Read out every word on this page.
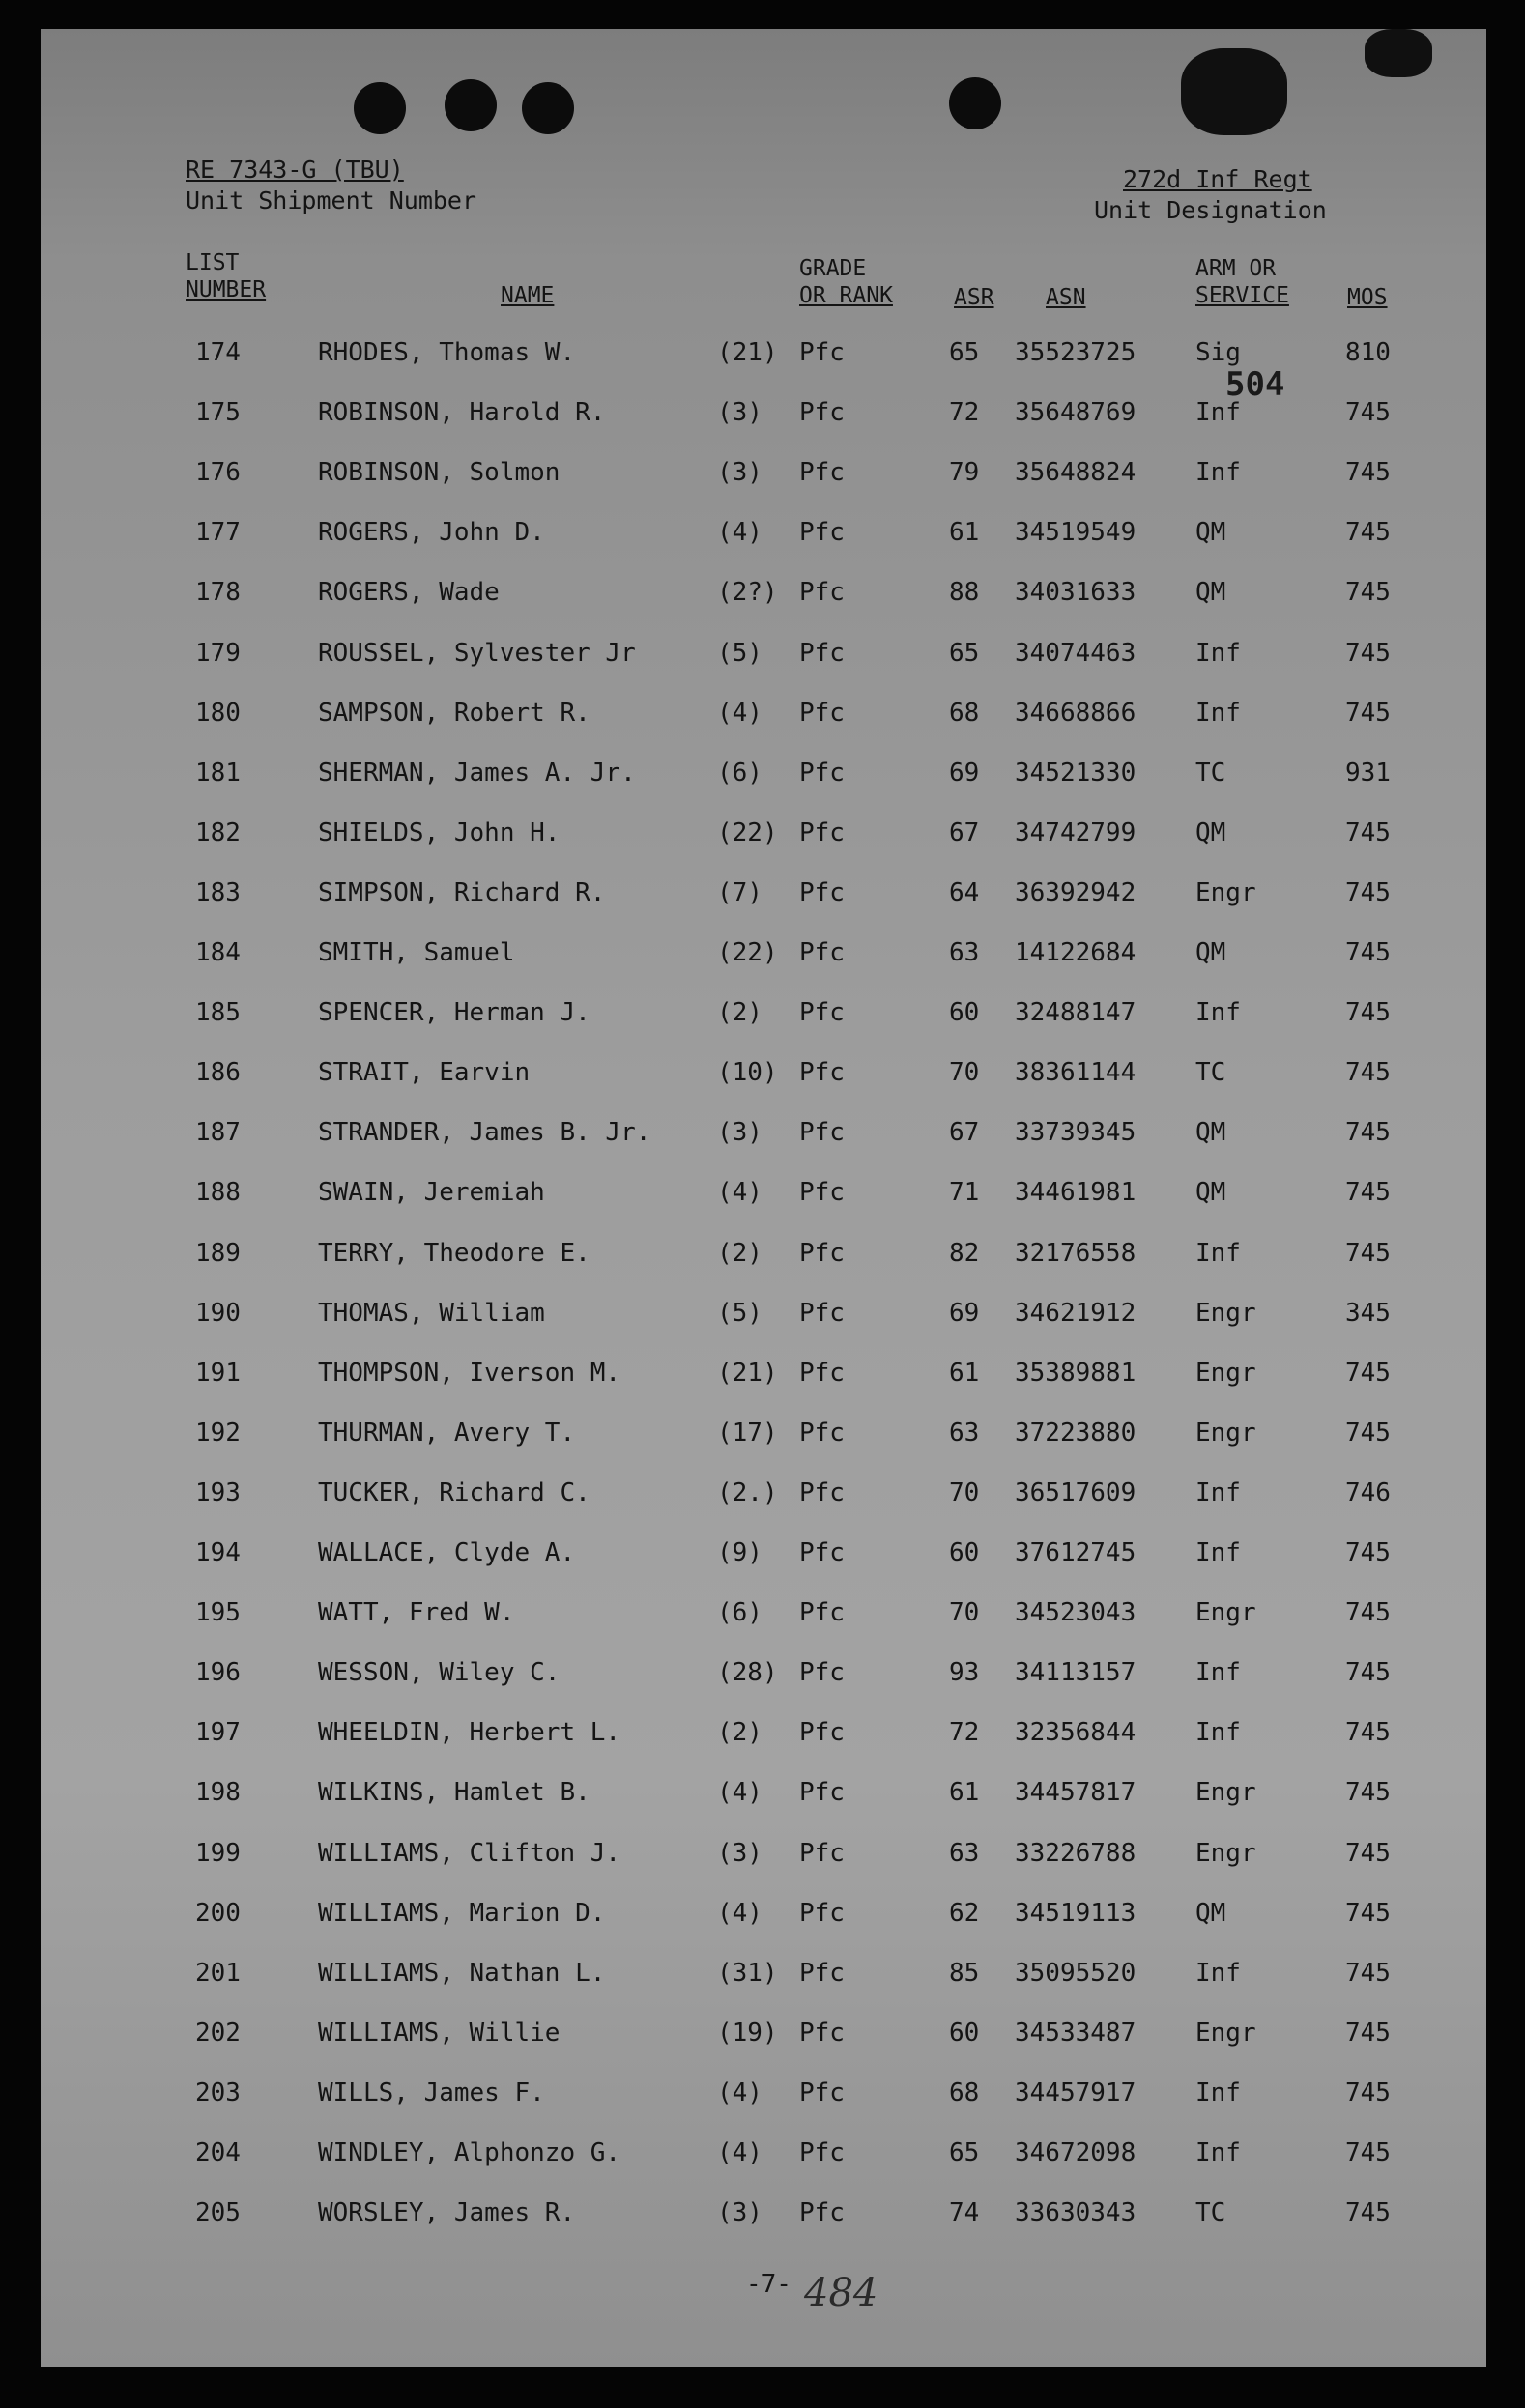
RE 7343-G (TBU)
Unit Shipment Number
272d Inf Regt
Unit Designation
LIST
NUMBER	NAME
GRADE
OR RANK	ASR ASN
ARM OR
SERVICE	MOS
504
174	RHODES, Thomas W.	(21) Pfc	65 35523725 Sig	810
175	ROBINSON, Harold R.	(3) Pfc	72 35648769 Inf	745
176	ROBINSON, Solmon	(3) Pfc	79 35648824 Inf	745
177	ROGERS, John D.	(4) Pfc	61 34519549 QM	745
178	ROGERS, Wade	(2?) Pfc	88 34031633 QM	745
179	ROUSSEL, Sylvester Jr	(5) Pfc	65 34074463 Inf	745
180	SAMPSON, Robert R.	(4) Pfc	68 34668866 Inf	745
181	SHERMAN, James A. Jr.	(6) Pfc	69 34521330 TC	931
182	SHIELDS, John H.	(22) Pfc	67 34742799 QM	745
183	SIMPSON, Richard R.	(7) Pfc	64 36392942 Engr	745
184	SMITH, Samuel	(22) Pfc	63 14122684 QM	745
185	SPENCER, Herman J.	(2) Pfc	60 32488147 Inf	745
186	STRAIT, Earvin	(10) Pfc	70 38361144 TC	745
187	STRANDER, James B. Jr.	(3) Pfc	67 33739345 QM	745
188	SWAIN, Jeremiah	(4) Pfc	71 34461981 QM	745
189	TERRY, Theodore E.	(2) Pfc	82 32176558 Inf	745
190	THOMAS, William	(5) Pfc	69 34621912 Engr	345
191	THOMPSON, Iverson M.	(21) Pfc	61 35389881 Engr	745
192	THURMAN, Avery T.	(17) Pfc	63 37223880 Engr	745
193	TUCKER, Richard C.	(2.) Pfc	70 36517609 Inf	746
194	WALLACE, Clyde A.	(9) Pfc	60 37612745 Inf	745
195	WATT, Fred W.	(6) Pfc	70 34523043 Engr	745
196	WESSON, Wiley C.	(28) Pfc	93 34113157 Inf	745
197	WHEELDIN, Herbert L.	(2) Pfc	72 32356844 Inf	745
198	WILKINS, Hamlet B.	(4) Pfc	61 34457817 Engr	745
199	WILLIAMS, Clifton J.	(3) Pfc	63 33226788 Engr	745
200	WILLIAMS, Marion D.	(4) Pfc	62 34519113 QM	745
201	WILLIAMS, Nathan L.	(31) Pfc	85 35095520 Inf	745
202	WILLIAMS, Willie	(19) Pfc	60 34533487 Engr	745
203	WILLS, James F.	(4) Pfc	68 34457917 Inf	745
204	WINDLEY, Alphonzo G.	(4) Pfc	65 34672098 Inf	745
205	WORSLEY, James R.	(3) Pfc	74 33630343 TC	745
-7- 484
